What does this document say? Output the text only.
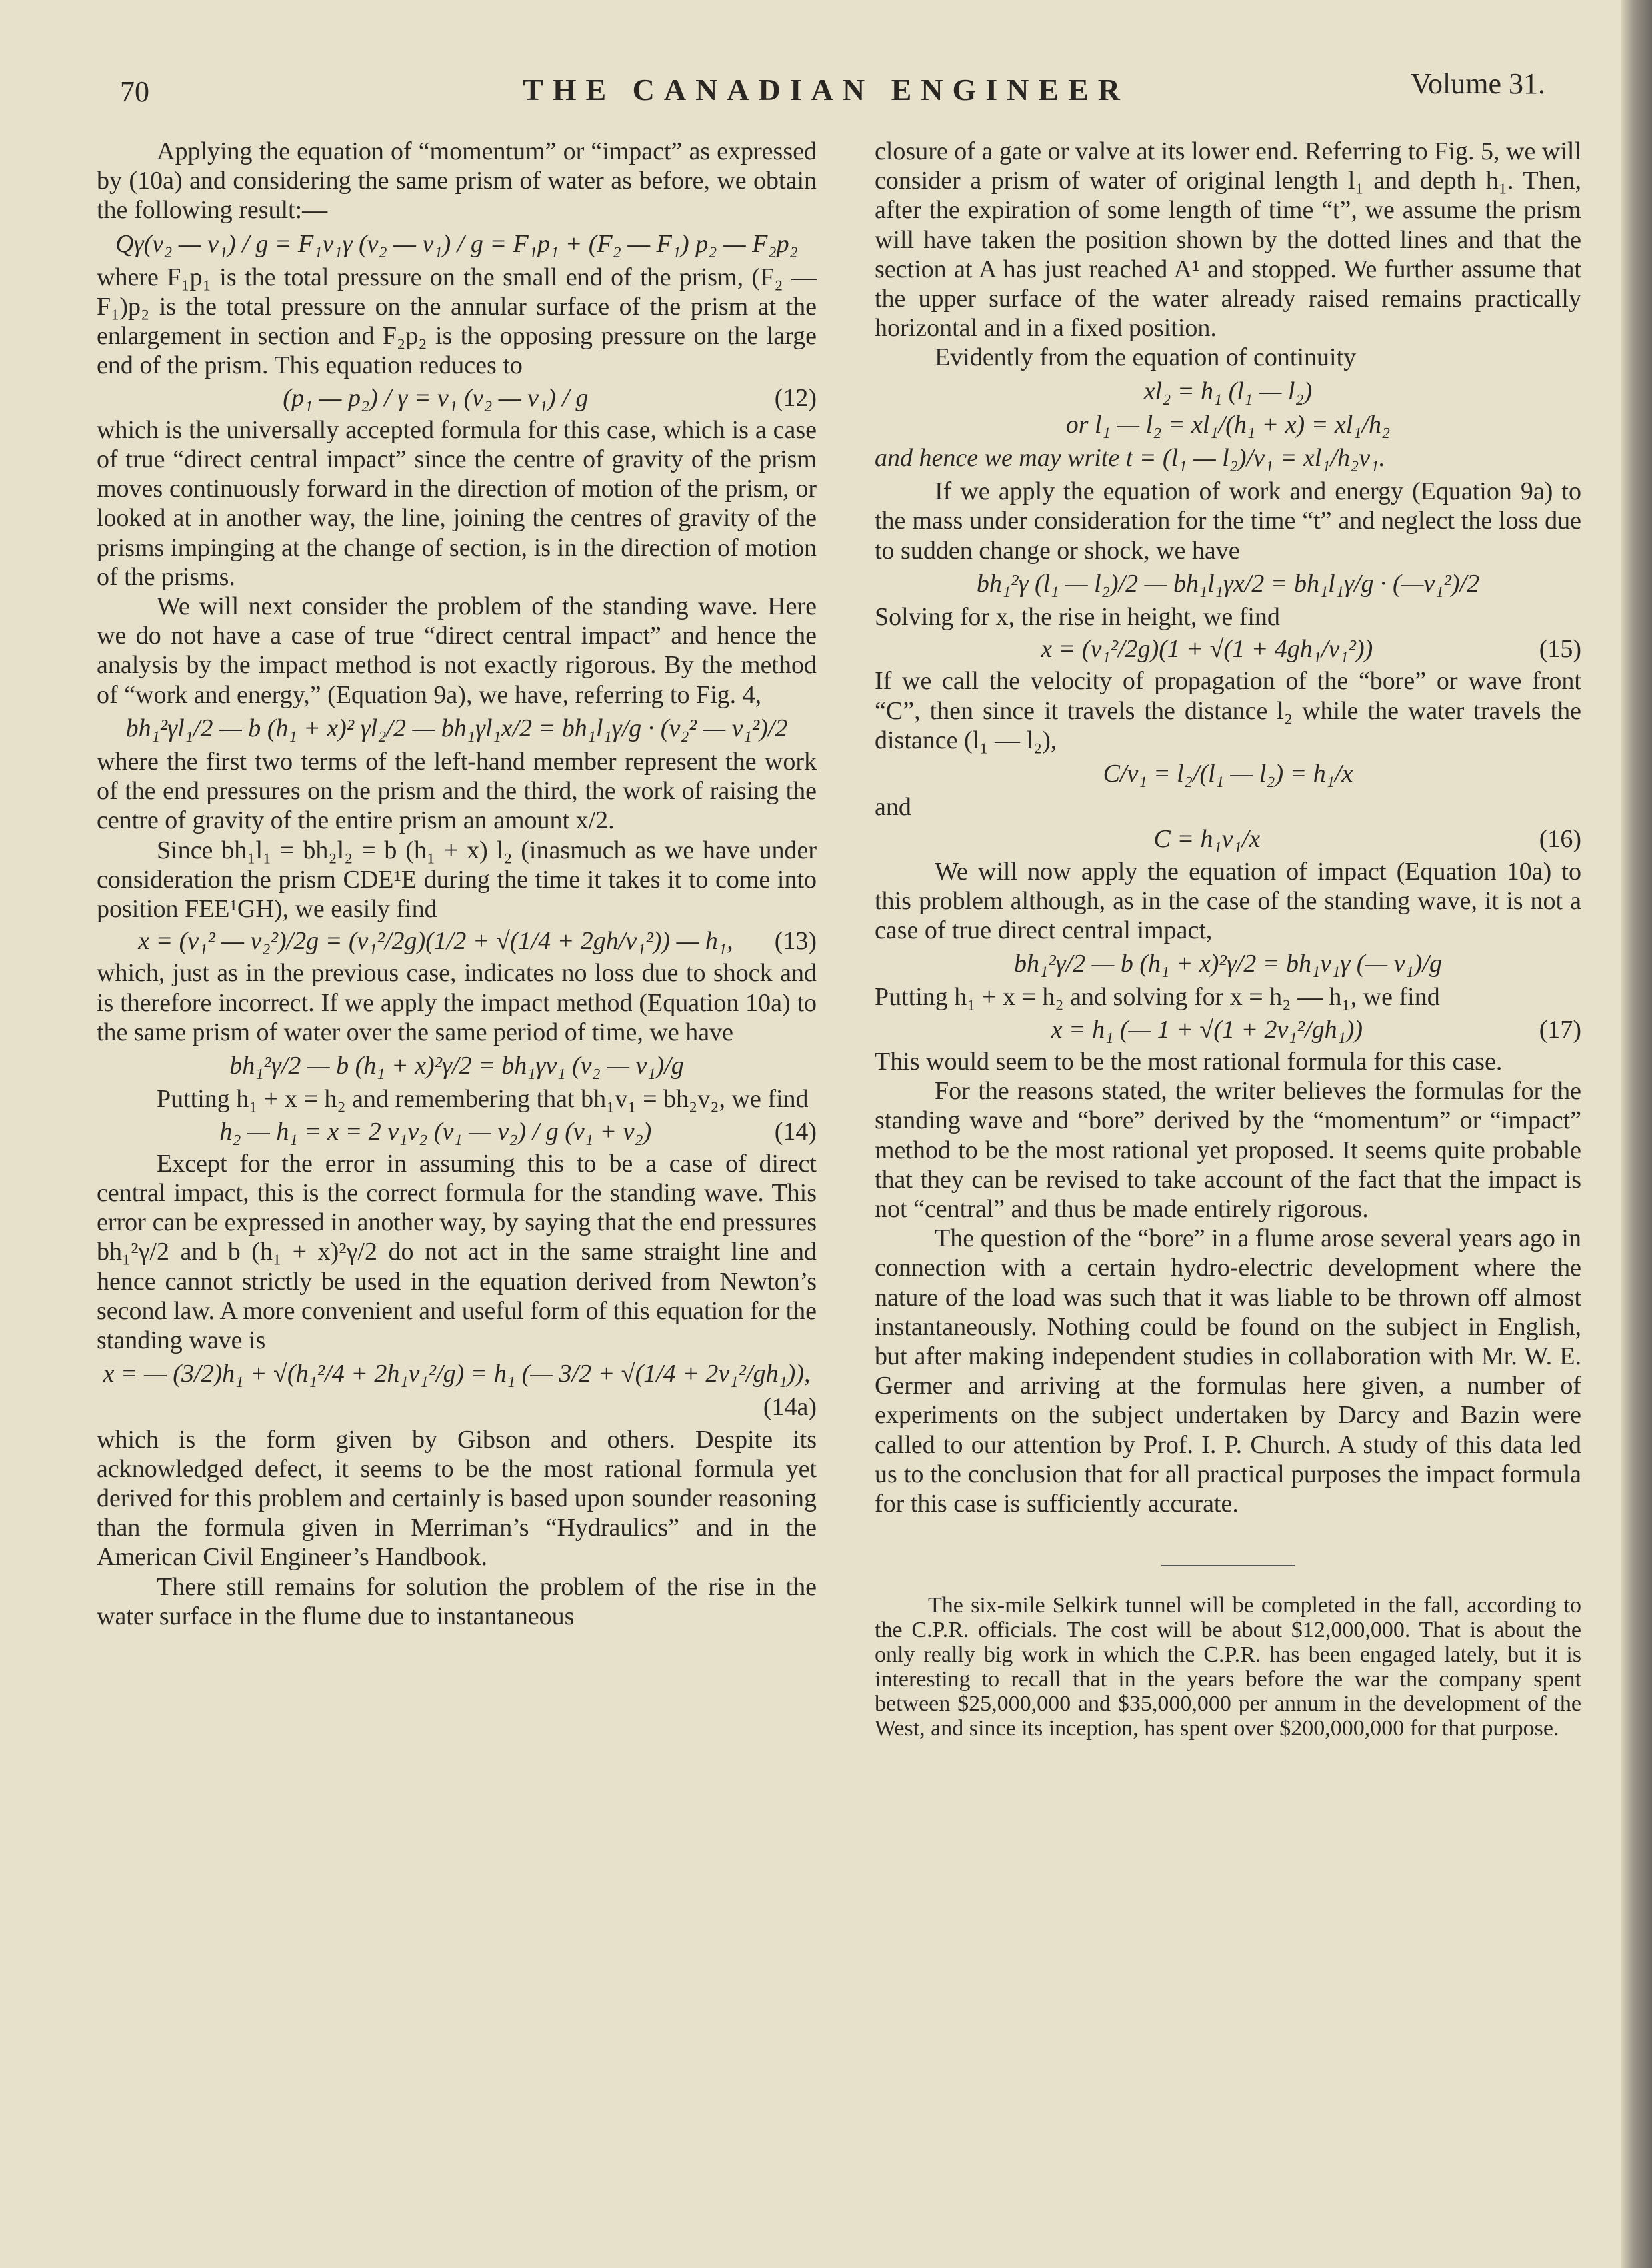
70	THE CANADIAN ENGINEER	Volume 31.

Applying the equation of “momentum” or “impact” as expressed by (10a) and considering the same prism of water as before, we obtain the following result:—

Qγ(v₂ — v₁) / g = F₁v₁γ (v₂ — v₁) / g = F₁p₁ + (F₂ — F₁) p₂ — F₂p₂

where F₁p₁ is the total pressure on the small end of the prism, (F₂ — F₁)p₂ is the total pressure on the annular surface of the prism at the enlargement in section and F₂p₂ is the opposing pressure on the large end of the prism. This equation reduces to

(12)
(p₁ — p₂) / γ = v₁ (v₂ — v₁) / g

which is the universally accepted formula for this case, which is a case of true “direct central impact” since the centre of gravity of the prism moves continuously forward in the direction of motion of the prism, or looked at in another way, the line, joining the centres of gravity of the prisms impinging at the change of section, is in the direction of motion of the prisms.

We will next consider the problem of the standing wave. Here we do not have a case of true “direct central impact” and hence the analysis by the impact method is not exactly rigorous. By the method of “work and energy,” (Equation 9a), we have, referring to Fig. 4,

bh₁²γl₁/2 — b (h₁ + x)² γl₂/2 — bh₁γl₁x/2 = bh₁l₁γ/g · (v₂² — v₁²)/2

where the first two terms of the left-hand member represent the work of the end pressures on the prism and the third, the work of raising the centre of gravity of the entire prism an amount x/2.

Since bh₁l₁ = bh₂l₂ = b (h₁ + x) l₂ (inasmuch as we have under consideration the prism CDE¹E during the time it takes it to come into position FEE¹GH), we easily find

(13)
x = (v₁² — v₂²)/2g = (v₁²/2g)(1/2 + √(1/4 + 2gh/v₁²)) — h₁,

which, just as in the previous case, indicates no loss due to shock and is therefore incorrect. If we apply the impact method (Equation 10a) to the same prism of water over the same period of time, we have

bh₁²γ/2 — b (h₁ + x)²γ/2 = bh₁γv₁ (v₂ — v₁)/g

Putting h₁ + x = h₂ and remembering that bh₁v₁ = bh₂v₂, we find

(14)
h₂ — h₁ = x = 2 v₁v₂ (v₁ — v₂) / g (v₁ + v₂)

Except for the error in assuming this to be a case of direct central impact, this is the correct formula for the standing wave. This error can be expressed in another way, by saying that the end pressures bh₁²γ/2 and b (h₁ + x)²γ/2 do not act in the same straight line and hence cannot strictly be used in the equation derived from Newton’s second law. A more convenient and useful form of this equation for the standing wave is

x = — (3/2)h₁ + √(h₁²/4 + 2h₁v₁²/g) = h₁ (— 3/2 + √(1/4 + 2v₁²/gh₁)),
(14a)

which is the form given by Gibson and others. Despite its acknowledged defect, it seems to be the most rational formula yet derived for this problem and certainly is based upon sounder reasoning than the formula given in Merriman’s “Hydraulics” and in the American Civil Engineer’s Handbook.

There still remains for solution the problem of the rise in the water surface in the flume due to instantaneous

closure of a gate or valve at its lower end. Referring to Fig. 5, we will consider a prism of water of original length l₁ and depth h₁. Then, after the expiration of some length of time “t”, we assume the prism will have taken the position shown by the dotted lines and that the section at A has just reached A¹ and stopped. We further assume that the upper surface of the water already raised remains practically horizontal and in a fixed position.

Evidently from the equation of continuity

xl₂ = h₁ (l₁ — l₂)
or l₁ — l₂ = xl₁/(h₁ + x) = xl₁/h₂
and hence we may write t = (l₁ — l₂)/v₁ = xl₁/h₂v₁.

If we apply the equation of work and energy (Equation 9a) to the mass under consideration for the time “t” and neglect the loss due to sudden change or shock, we have

bh₁²γ (l₁ — l₂)/2 — bh₁l₁γx/2 = bh₁l₁γ/g · (—v₁²)/2

Solving for x, the rise in height, we find

(15)
x = (v₁²/2g)(1 + √(1 + 4gh₁/v₁²))

If we call the velocity of propagation of the “bore” or wave front “C”, then since it travels the distance l₂ while the water travels the distance (l₁ — l₂),

C/v₁ = l₂/(l₁ — l₂) = h₁/x

and

(16)
C = h₁v₁/x

We will now apply the equation of impact (Equation 10a) to this problem although, as in the case of the standing wave, it is not a case of true direct central impact,

bh₁²γ/2 — b (h₁ + x)²γ/2 = bh₁v₁γ (— v₁)/g

Putting h₁ + x = h₂ and solving for x = h₂ — h₁, we find

(17)
x = h₁ (— 1 + √(1 + 2v₁²/gh₁))

This would seem to be the most rational formula for this case.

For the reasons stated, the writer believes the formulas for the standing wave and “bore” derived by the “momentum” or “impact” method to be the most rational yet proposed. It seems quite probable that they can be revised to take account of the fact that the impact is not “central” and thus be made entirely rigorous.

The question of the “bore” in a flume arose several years ago in connection with a certain hydro-electric development where the nature of the load was such that it was liable to be thrown off almost instantaneously. Nothing could be found on the subject in English, but after making independent studies in collaboration with Mr. W. E. Germer and arriving at the formulas here given, a number of experiments on the subject undertaken by Darcy and Bazin were called to our attention by Prof. I. P. Church. A study of this data led us to the conclusion that for all practical purposes the impact formula for this case is sufficiently accurate.

The six-mile Selkirk tunnel will be completed in the fall, according to the C.P.R. officials. The cost will be about $12,000,000. That is about the only really big work in which the C.P.R. has been engaged lately, but it is interesting to recall that in the years before the war the company spent between $25,000,000 and $35,000,000 per annum in the development of the West, and since its inception, has spent over $200,000,000 for that purpose.
